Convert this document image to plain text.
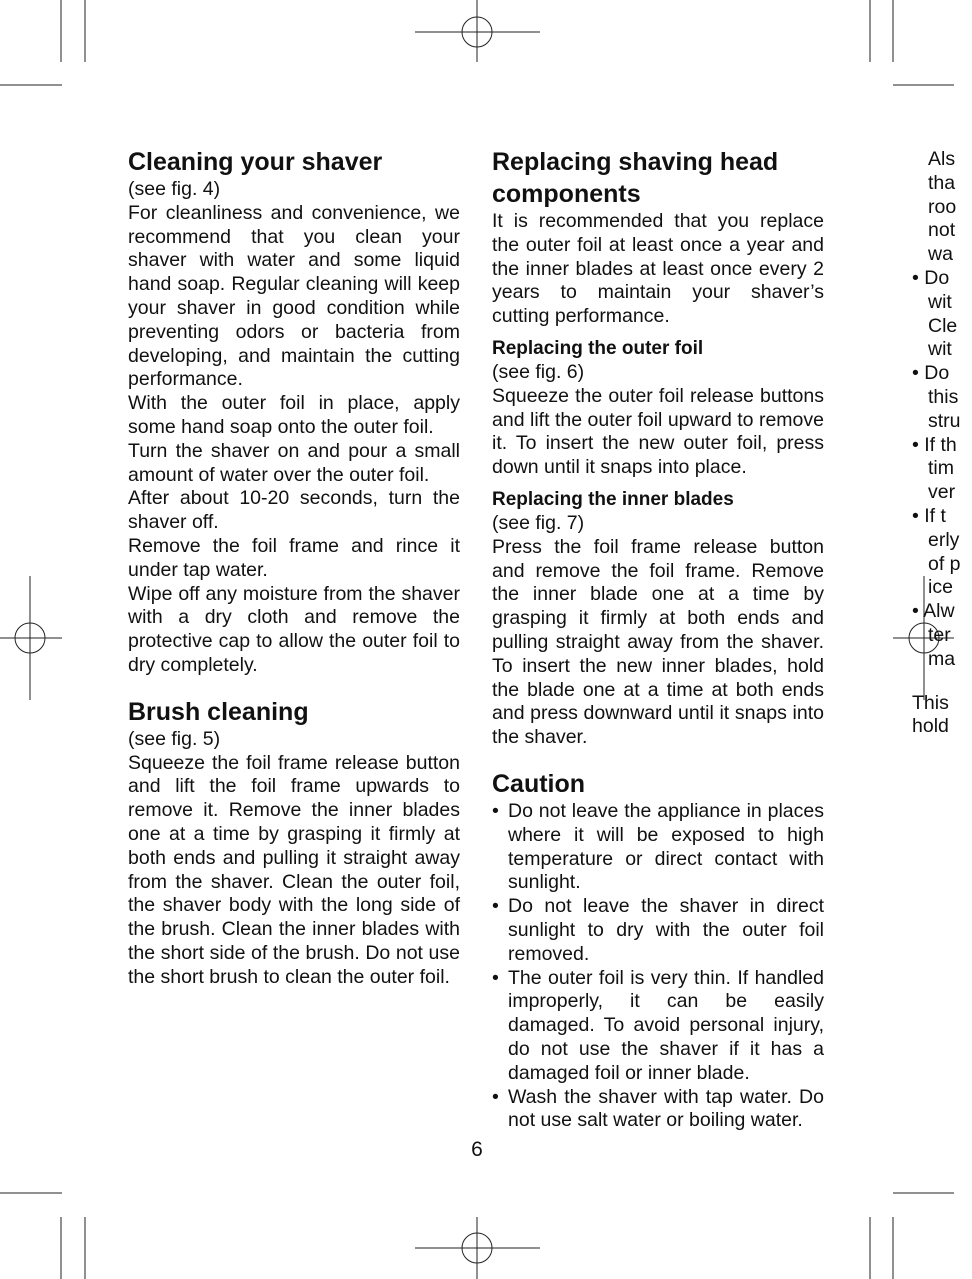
Cleaning your shaver

(see fig. 4)

For cleanliness and convenience, we recommend that you clean your shaver with water and some liquid hand soap. Regular cleaning will keep your shaver in good condition while preventing odors or bacteria from developing, and maintain the cutting performance.

With the outer foil in place, apply some hand soap onto the outer foil.

Turn the shaver on and pour a small amount of water over the outer foil.

After about 10-20 seconds, turn the shaver off.

Remove the foil frame and rince it under tap water.

Wipe off any moisture from the shaver with a dry cloth and remove the protective cap to allow the outer foil to dry completely.

Brush cleaning

(see fig. 5)

Squeeze the foil frame release button and lift the foil frame upwards to remove it. Remove the inner blades one at a time by grasping it firmly at both ends and pulling it straight away from the shaver. Clean the outer foil, the shaver body with the long side of the brush. Clean the inner blades with the short side of the brush. Do not use the short brush to clean the outer foil.

Replacing shaving head components

It is recommended that you replace the outer foil at least once a year and the inner blades at least once every 2 years to maintain your shaver’s cutting performance.

Replacing the outer foil

(see fig. 6)

Squeeze the outer foil release buttons and lift the outer foil upward to remove it. To insert the new outer foil, press down until it snaps into place.

Replacing the inner blades

(see fig. 7)

Press the foil frame release button and remove the foil frame. Remove the inner blade one at a time by grasping it firmly at both ends and pulling straight away from the shaver. To insert the new inner blades, hold the blade one at a time at both ends and press downward until it snaps into the shaver.

Caution
• Do not leave the appliance in places where it will be exposed to high temperature or direct contact with sunlight.
• Do not leave the shaver in direct sunlight to dry with the outer foil removed.
• The outer foil is very thin. If handled improperly, it can be easily damaged. To avoid personal injury, do not use the shaver if it has a damaged foil or inner blade.
• Wash the shaver with tap water. Do not use salt water or boiling water.

Als

tha

roo

not

wa

• Do

wit

Cle

wit

• Do

this

stru

• If th

tim

ver

• If t

erly

of p

ice

• Alw

ter

ma

This

hold

6
